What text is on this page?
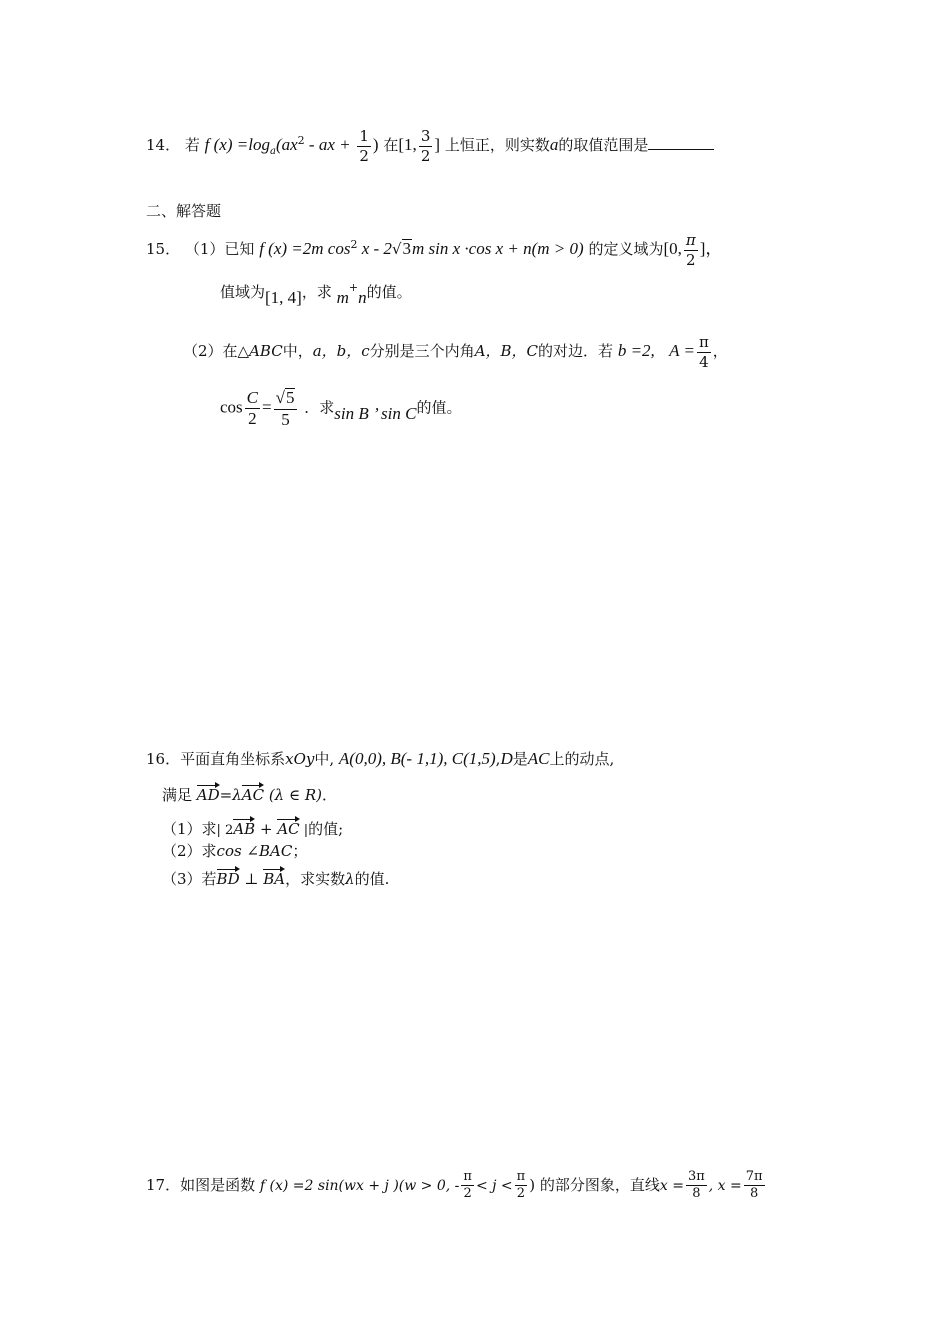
14． 若 f $(x) =\log_a(ax^2$ - ax + $\frac{1}{2}$ ) 在[1, $\frac{3}{2}$ ] 上恒正，则实数a的取值范围是
二、解答题
15． （1）已知 f (x) =2m $\cos^2 x - 2√3m$ sin x ·cos x + n(m > 0) 的定义域为[0, $\frac{\pi}{2}$ ]，
值域为[1, 4]，求 m+n的值。
（2）在△ABC中，a，b，c分别是三个内角A，B，C的对边．若 b =2, $A = \frac{\pi}{4}$ ，
$\cos \frac{C}{2} = \frac{√5}{5}$ ．求sin B ’ sin C的值。
16．平面直角坐标系xOy中, A(0,0), B(- 1,1), C(1,5),D是AC上的动点,
满足 AD=λAC (λ ∈ R)．
（1）求| 2AB + AC |的值;
（2）求cos ∠BAC；
（3）若BD ⊥ BA，求实数λ的值.
17．如图是函数 f (x) =2 sin(wx + j )(w > 0, - $\frac{\pi}{2} < j < \frac{\pi}{2}$ ) 的部分图象，直线$x = \frac{3\pi}{8}$ , $x = \frac{7\pi}{8}$
